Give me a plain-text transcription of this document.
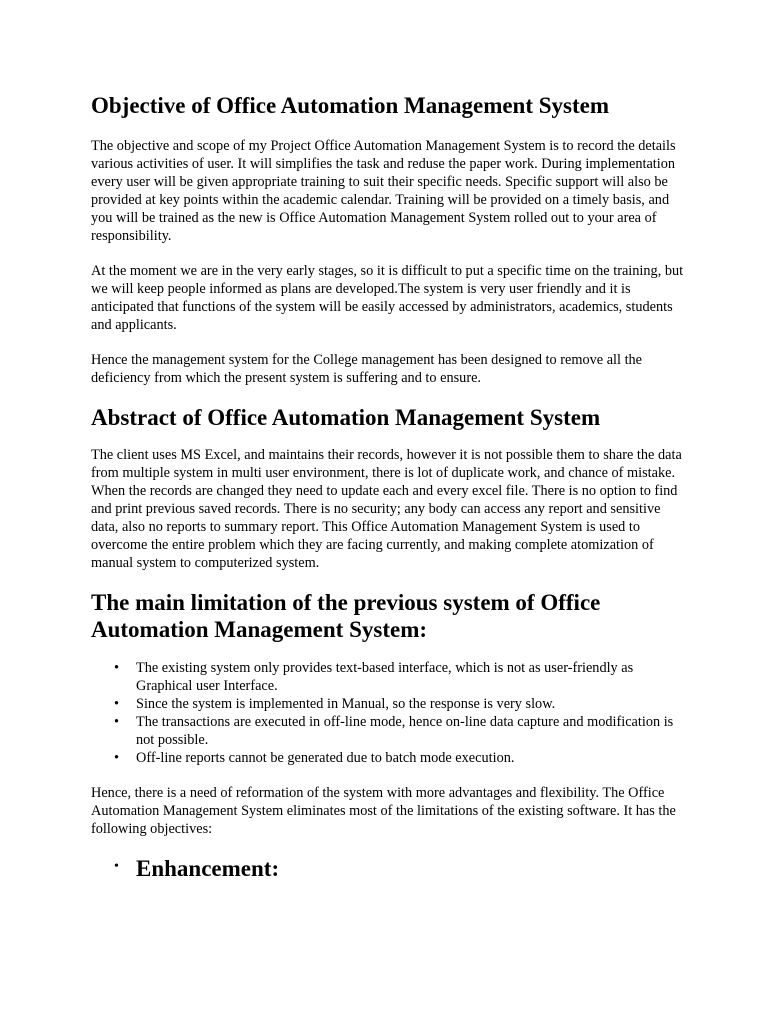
Objective of Office Automation Management System

The objective and scope of my Project Office Automation Management System is to record the details various activities of user. It will simplifies the task and reduse the paper work. During implementation every user will be given appropriate training to suit their specific needs. Specific support will also be provided at key points within the academic calendar. Training will be provided on a timely basis, and you will be trained as the new is Office Automation Management System rolled out to your area of responsibility.

At the moment we are in the very early stages, so it is difficult to put a specific time on the training, but we will keep people informed as plans are developed.The system is very user friendly and it is anticipated that functions of the system will be easily accessed by administrators, academics, students and applicants.

Hence the management system for the College management has been designed to remove all the deficiency from which the present system is suffering and to ensure.

Abstract of Office Automation Management System

The client uses MS Excel, and maintains their records, however it is not possible them to share the data from multiple system in multi user environment, there is lot of duplicate work, and chance of mistake. When the records are changed they need to update each and every excel file. There is no option to find and print previous saved records. There is no security; any body can access any report and sensitive data, also no reports to summary report. This Office Automation Management System is used to overcome the entire problem which they are facing currently, and making complete atomization of manual system to computerized system.

The main limitation of the previous system of Office Automation Management System:
• The existing system only provides text-based interface, which is not as user-friendly as Graphical user Interface.
• Since the system is implemented in Manual, so the response is very slow.
• The transactions are executed in off-line mode, hence on-line data capture and modification is not possible.
• Off-line reports cannot be generated due to batch mode execution.

Hence, there is a need of reformation of the system with more advantages and flexibility. The Office Automation Management System eliminates most of the limitations of the existing software. It has the following objectives:

• Enhancement:
